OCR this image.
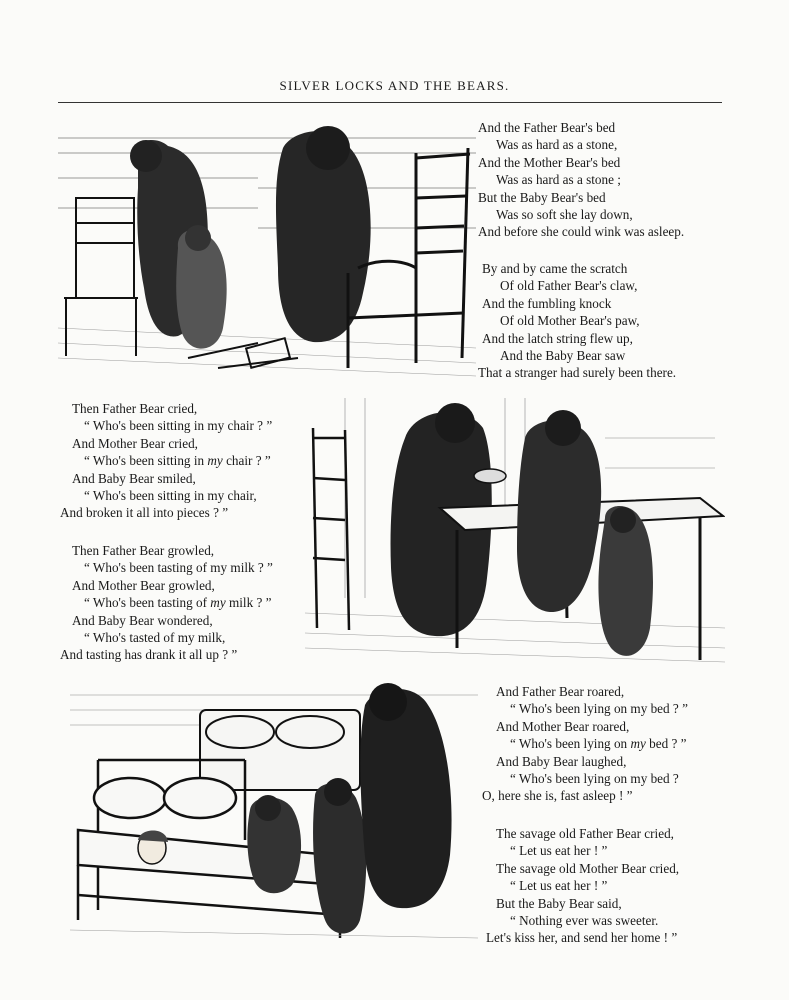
SILVER LOCKS AND THE BEARS.
And the Father Bear's bed
Was as hard as a stone,
And the Mother Bear's bed
Was as hard as a stone ;
But the Baby Bear's bed
Was so soft she lay down,
And before she could wink was asleep.
By and by came the scratch
Of old Father Bear's claw,
And the fumbling knock
Of old Mother Bear's paw,
And the latch string flew up,
And the Baby Bear saw
That a stranger had surely been there.
Then Father Bear cried,
“ Who's been sitting in my chair ? ”
And Mother Bear cried,
“ Who's been sitting in my chair ? ”
And Baby Bear smiled,
“ Who's been sitting in my chair,
And broken it all into pieces ? ”
Then Father Bear growled,
“ Who's been tasting of my milk ? ”
And Mother Bear growled,
“ Who's been tasting of my milk ? ”
And Baby Bear wondered,
“ Who's tasted of my milk,
And tasting has drank it all up ? ”
And Father Bear roared,
“ Who's been lying on my bed ? ”
And Mother Bear roared,
“ Who's been lying on my bed ? ”
And Baby Bear laughed,
“ Who's been lying on my bed ?
O, here she is, fast asleep ! ”
The savage old Father Bear cried,
“ Let us eat her ! ”
The savage old Mother Bear cried,
“ Let us eat her ! ”
But the Baby Bear said,
“ Nothing ever was sweeter.
Let's kiss her, and send her home ! ”
